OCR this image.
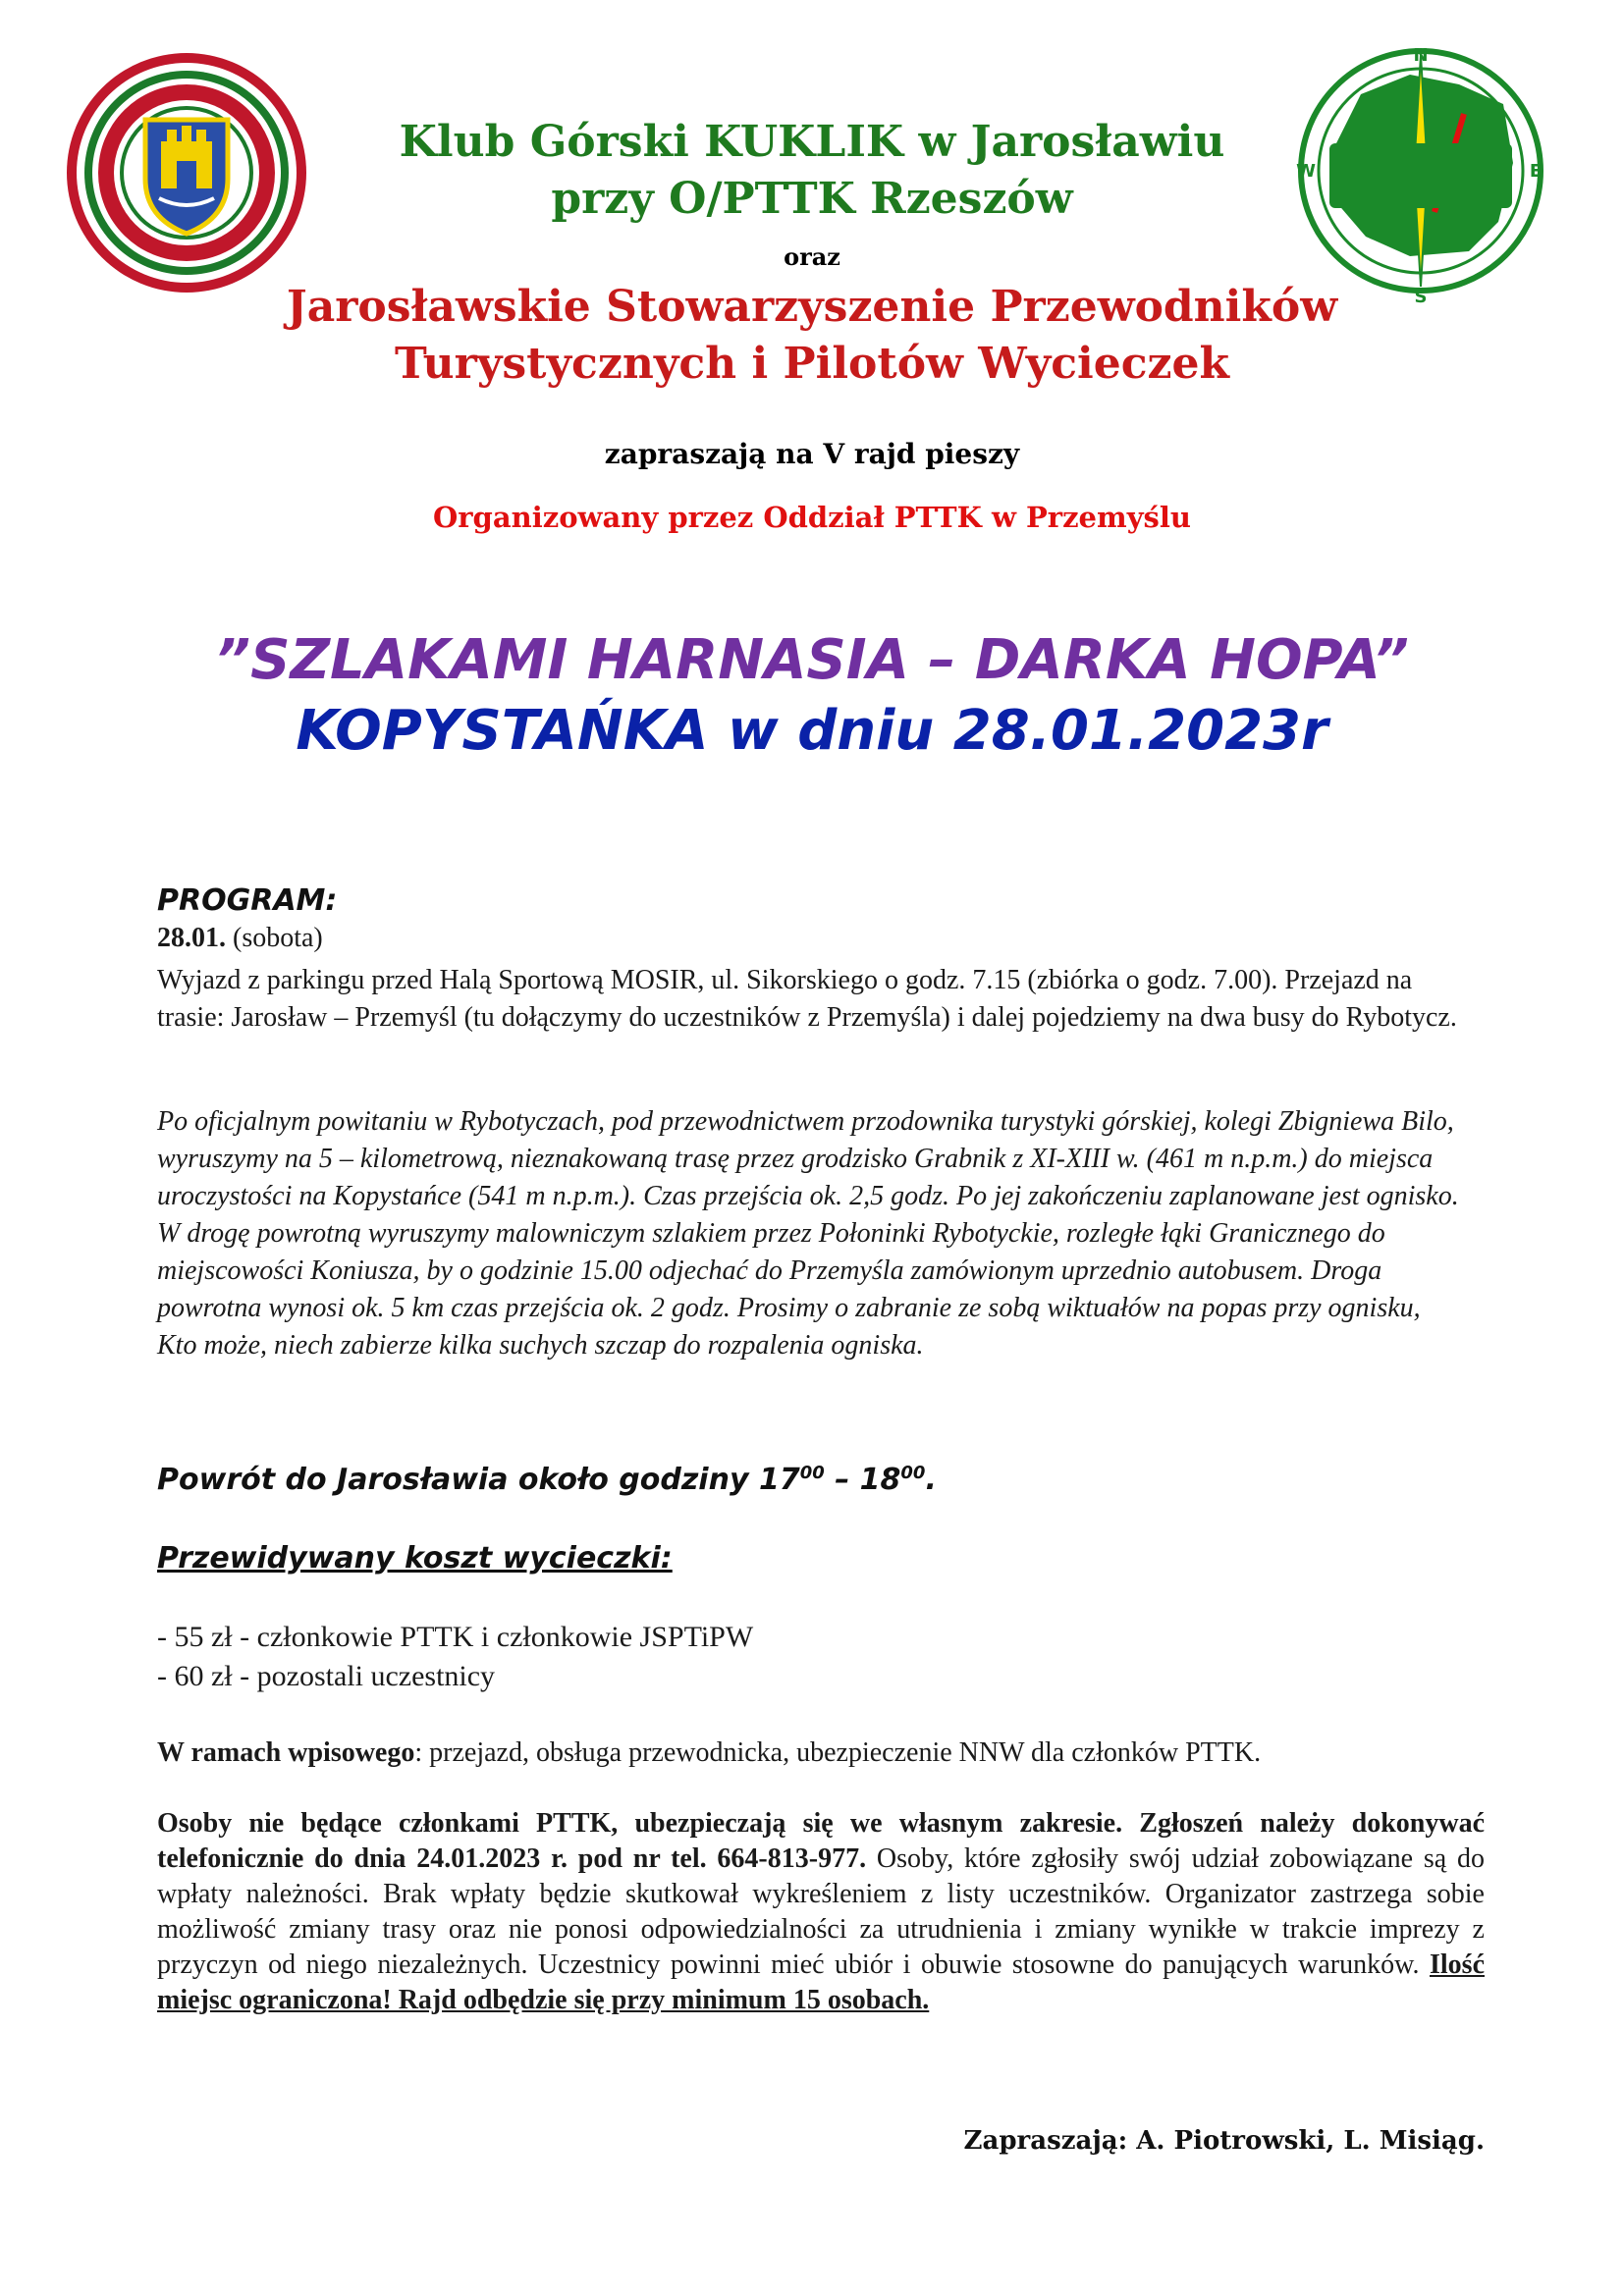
N
S
W	E
Klub Górski KUKLIK w Jarosławiu
przy O/PTTK Rzeszów
oraz
Jarosławskie Stowarzyszenie Przewodników
Turystycznych i Pilotów Wycieczek
zapraszają na V rajd pieszy
Organizowany przez Oddział PTTK w Przemyślu
”SZLAKAMI HARNASIA – DARKA HOPA”
KOPYSTAŃKA w dniu 28.01.2023r
PROGRAM:
28.01. (sobota)
Wyjazd z parkingu przed Halą Sportową MOSIR, ul. Sikorskiego o godz. 7.15 (zbiórka o godz. 7.00). Przejazd na trasie: Jarosław – Przemyśl (tu dołączymy do uczestników z Przemyśla) i dalej pojedziemy na dwa busy do Rybotycz.
Po oficjalnym powitaniu w Rybotyczach, pod przewodnictwem przodownika turystyki górskiej, kolegi Zbigniewa Bilo, wyruszymy na 5 – kilometrową, nieznakowaną trasę przez grodzisko Grabnik z XI-XIII w. (461 m n.p.m.) do miejsca uroczystości na Kopystańce (541 m n.p.m.). Czas przejścia ok. 2,5 godz. Po jej zakończeniu zaplanowane jest ognisko. W drogę powrotną wyruszymy malowniczym szlakiem przez Połoninki Rybotyckie, rozległe łąki Granicznego do miejscowości Koniusza, by o godzinie 15.00 odjechać do Przemyśla zamówionym uprzednio autobusem. Droga powrotna wynosi ok. 5 km czas przejścia ok. 2 godz. Prosimy o zabranie ze sobą wiktuałów na popas przy ognisku, Kto może, niech zabierze kilka suchych szczap do rozpalenia ogniska.
Powrót do Jarosławia około godziny $17^{00} - 18^{00}$.
Przewidywany koszt wycieczki:
- 55 zł - członkowie PTTK i członkowie JSPTiPW
- 60 zł - pozostali uczestnicy
W ramach wpisowego: przejazd, obsługa przewodnicka, ubezpieczenie NNW dla członków PTTK.
Osoby nie będące członkami PTTK, ubezpieczają się we własnym zakresie. Zgłoszeń należy dokonywać telefonicznie do dnia 24.01.2023 r. pod nr tel. 664-813-977. Osoby, które zgłosiły swój udział zobowiązane są do wpłaty należności. Brak wpłaty będzie skutkował wykreśleniem z listy uczestników. Organizator zastrzega sobie możliwość zmiany trasy oraz nie ponosi odpowiedzialności za utrudnienia i zmiany wynikłe w trakcie imprezy z przyczyn od niego niezależnych. Uczestnicy powinni mieć ubiór i obuwie stosowne do panujących warunków. Ilość miejsc ograniczona! Rajd odbędzie się przy minimum 15 osobach.
Zapraszają: A. Piotrowski, L. Misiąg.
